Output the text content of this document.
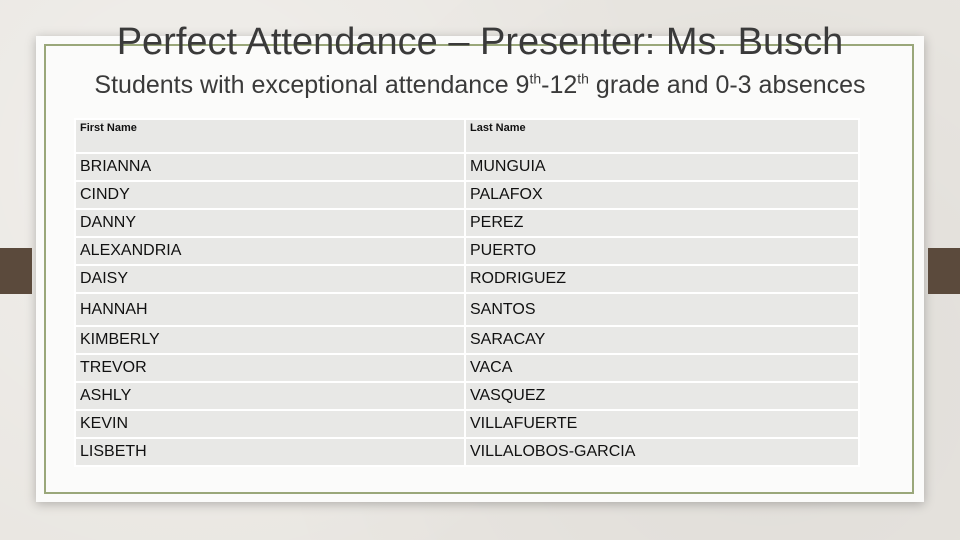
Perfect Attendance – Presenter: Ms. Busch
Students with exceptional attendance 9th-12th grade and 0-3 absences
First Name	Last Name
BRIANNA	MUNGUIA
CINDY	PALAFOX
DANNY	PEREZ
ALEXANDRIA	PUERTO
DAISY	RODRIGUEZ
HANNAH	SANTOS
KIMBERLY	SARACAY
TREVOR	VACA
ASHLY	VASQUEZ
KEVIN	VILLAFUERTE
LISBETH	VILLALOBOS-GARCIA
